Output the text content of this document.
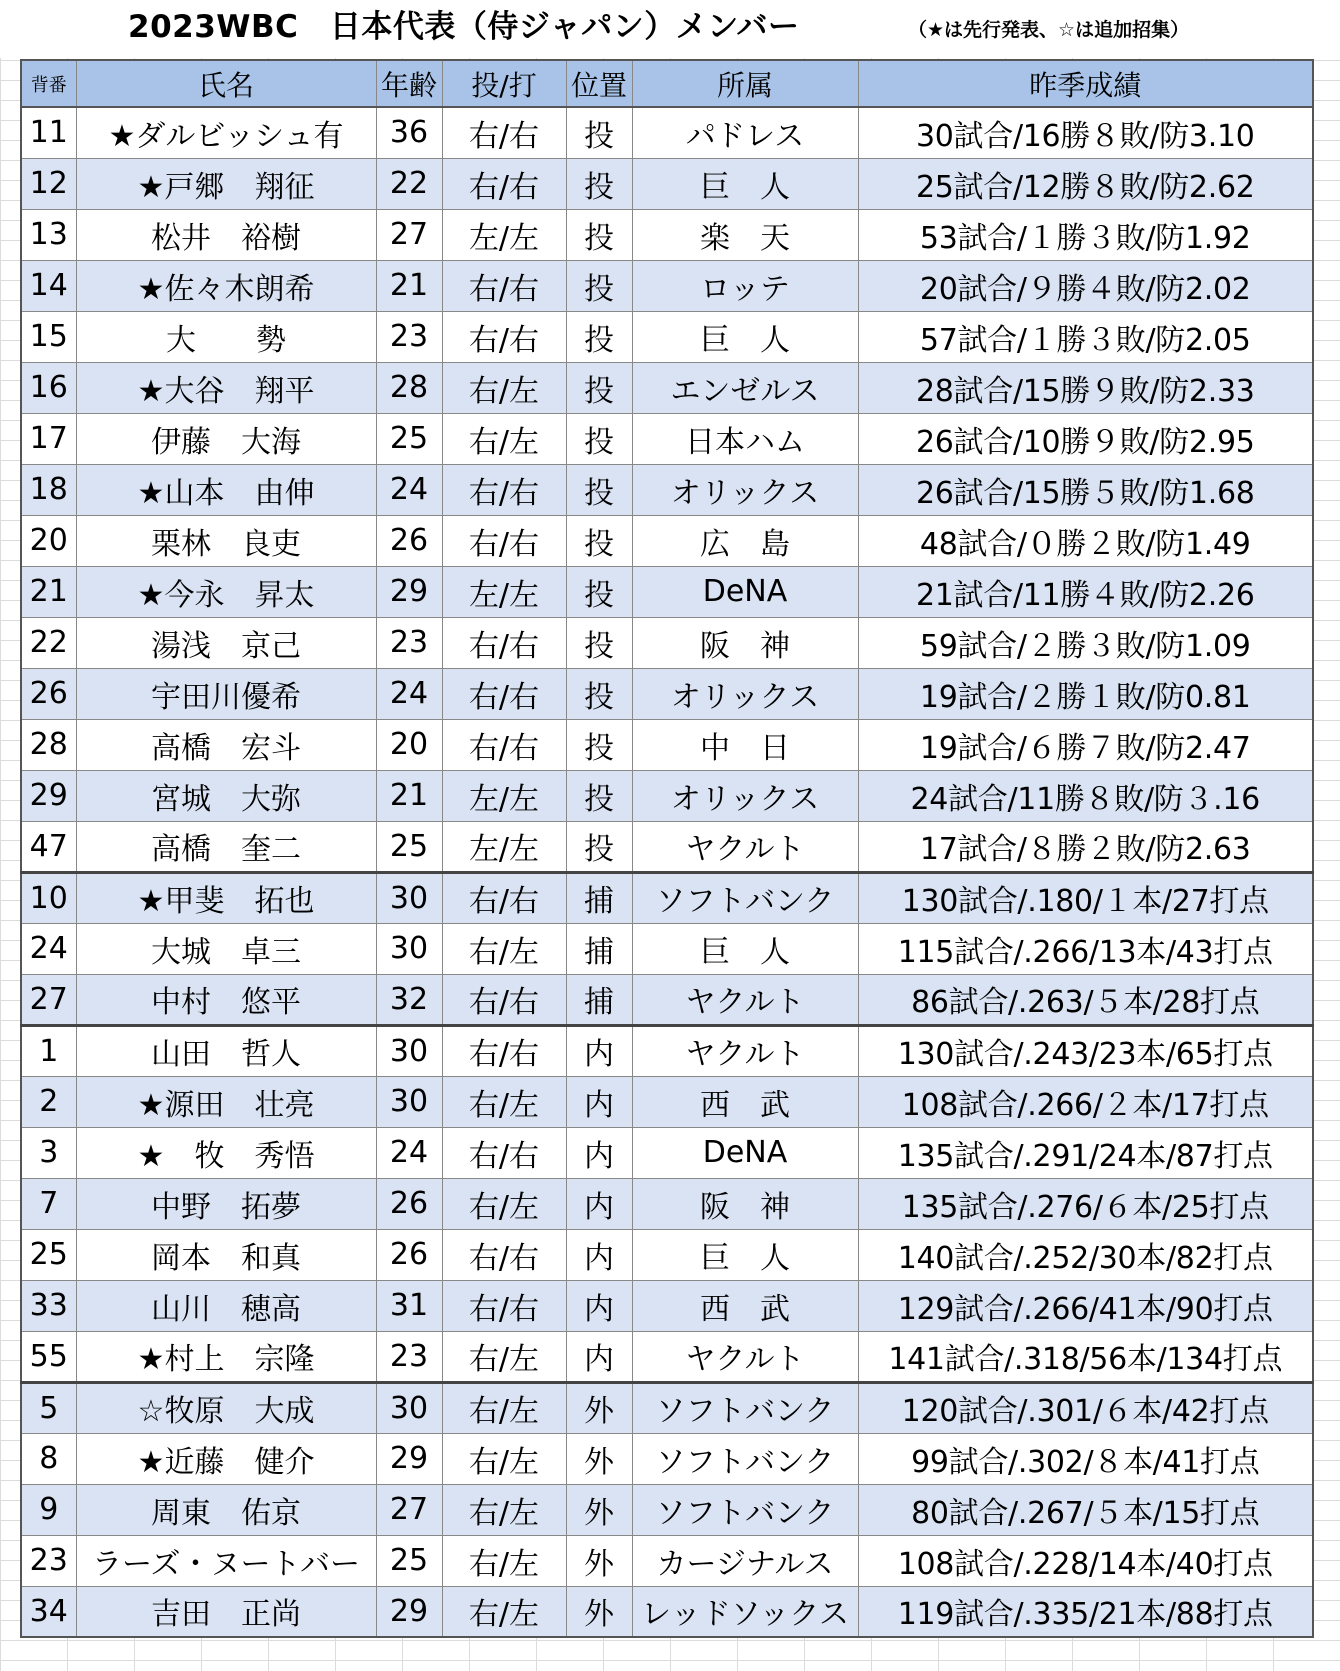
2023WBC　日本代表（侍ジャパン）メンバー	（★は先行発表、☆は追加招集）
背番	氏名	年齢	投/打	位置	所属	昨季成績
11	★ダルビッシュ有	36	右/右	投	パドレス	30試合/16勝８敗/防3.10
12	★戸郷　翔征	22	右/右	投	巨　人	25試合/12勝８敗/防2.62
13	松井　裕樹	27	左/左	投	楽　天	53試合/１勝３敗/防1.92
14	★佐々木朗希	21	右/右	投	ロッテ	20試合/９勝４敗/防2.02
15	大　　勢	23	右/右	投	巨　人	57試合/１勝３敗/防2.05
16	★大谷　翔平	28	右/左	投	エンゼルス	28試合/15勝９敗/防2.33
17	伊藤　大海	25	右/左	投	日本ハム	26試合/10勝９敗/防2.95
18	★山本　由伸	24	右/右	投	オリックス	26試合/15勝５敗/防1.68
20	栗林　良吏	26	右/右	投	広　島	48試合/０勝２敗/防1.49
21	★今永　昇太	29	左/左	投	DeNA	21試合/11勝４敗/防2.26
22	湯浅　京己	23	右/右	投	阪　神	59試合/２勝３敗/防1.09
26	宇田川優希	24	右/右	投	オリックス	19試合/２勝１敗/防0.81
28	高橋　宏斗	20	右/右	投	中　日	19試合/６勝７敗/防2.47
29	宮城　大弥	21	左/左	投	オリックス	24試合/11勝８敗/防３.16
47	高橋　奎二	25	左/左	投	ヤクルト	17試合/８勝２敗/防2.63
10	★甲斐　拓也	30	右/右	捕	ソフトバンク	130試合/.180/１本/27打点
24	大城　卓三	30	右/左	捕	巨　人	115試合/.266/13本/43打点
27	中村　悠平	32	右/右	捕	ヤクルト	86試合/.263/５本/28打点
1	山田　哲人	30	右/右	内	ヤクルト	130試合/.243/23本/65打点
2	★源田　壮亮	30	右/左	内	西　武	108試合/.266/２本/17打点
3	★　牧　秀悟	24	右/右	内	DeNA	135試合/.291/24本/87打点
7	中野　拓夢	26	右/左	内	阪　神	135試合/.276/６本/25打点
25	岡本　和真	26	右/右	内	巨　人	140試合/.252/30本/82打点
33	山川　穂高	31	右/右	内	西　武	129試合/.266/41本/90打点
55	★村上　宗隆	23	右/左	内	ヤクルト	141試合/.318/56本/134打点
5	☆牧原　大成	30	右/左	外	ソフトバンク	120試合/.301/６本/42打点
8	★近藤　健介	29	右/左	外	ソフトバンク	99試合/.302/８本/41打点
9	周東　佑京	27	右/左	外	ソフトバンク	80試合/.267/５本/15打点
23	ラーズ・ヌートバー	25	右/左	外	カージナルス	108試合/.228/14本/40打点
34	吉田　正尚	29	右/左	外	レッドソックス	119試合/.335/21本/88打点
